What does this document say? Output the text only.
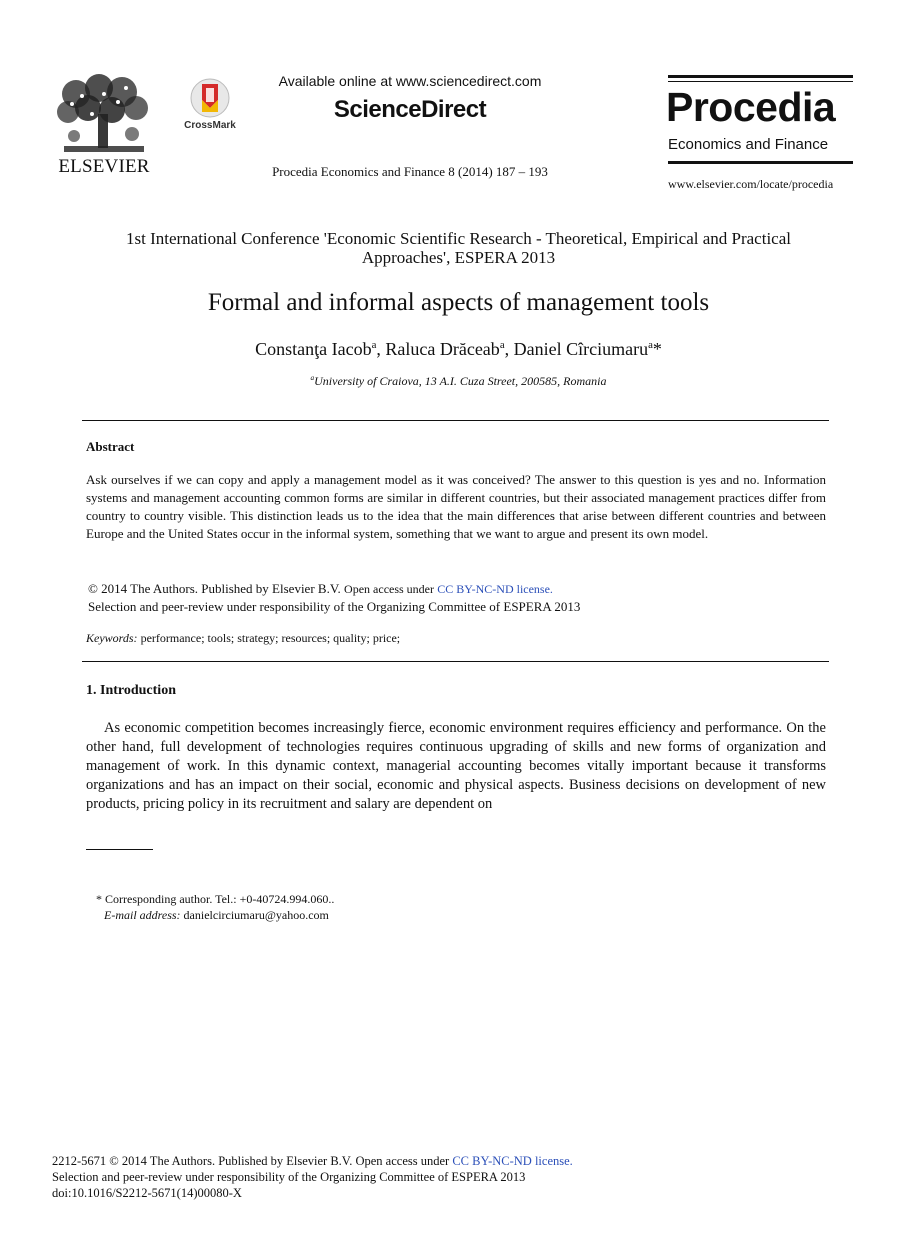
ELSEVIER
CrossMark
Available online at www.sciencedirect.com
ScienceDirect
Procedia Economics and Finance 8 (2014) 187 – 193
Procedia
Economics and Finance
www.elsevier.com/locate/procedia
1st International Conference 'Economic Scientific Research - Theoretical, Empirical and Practical
Approaches', ESPERA 2013
Formal and informal aspects of management tools
Constanţa Iacob$^a$, Raluca Drăceab$^a$, Daniel Cîrciumaru$^a$*
$^a$University of Craiova, 13 A.I. Cuza Street, 200585, Romania
Abstract
Ask ourselves if we can copy and apply a management model as it was conceived? The answer to this question is yes and no. Information systems and management accounting common forms are similar in different countries, but their associated management practices differ from country to country visible. This distinction leads us to the idea that the main differences that arise between different countries and between Europe and the United States occur in the informal system, something that we want to argue and present its own model.
© 2014 The Authors. Published by Elsevier B.V. Open access under CC BY-NC-ND license.
Selection and peer-review under responsibility of the Organizing Committee of ESPERA 2013
Keywords: performance; tools; strategy; resources; quality; price;
1. Introduction
As economic competition becomes increasingly fierce, economic environment requires efficiency and performance. On the other hand, full development of technologies requires continuous upgrading of skills and new forms of organization and management of work. In this dynamic context, managerial accounting becomes vitally important because it transforms organizations and has an impact on their social, economic and physical aspects. Business decisions on development of new products, pricing policy in its recruitment and salary are dependent on
* Corresponding author. Tel.: +0-40724.994.060..
E-mail address: danielcirciumaru@yahoo.com
2212-5671 © 2014 The Authors. Published by Elsevier B.V. Open access under CC BY-NC-ND license.
Selection and peer-review under responsibility of the Organizing Committee of ESPERA 2013
doi:10.1016/S2212-5671(14)00080-X
